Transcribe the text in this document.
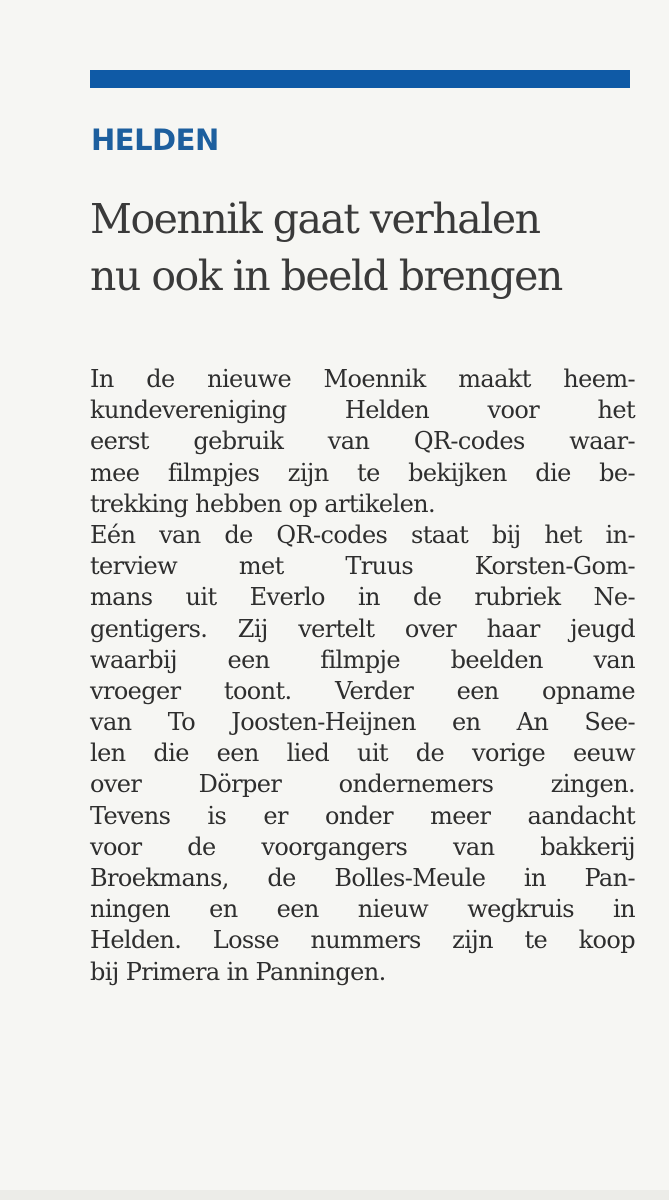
HELDEN
Moennik gaat verhalen
nu ook in beeld brengen
In de nieuwe Moennik maakt heem-
kundevereniging Helden voor het
eerst gebruik van QR-codes waar-
mee filmpjes zijn te bekijken die be-
trekking hebben op artikelen.
Eén van de QR-codes staat bij het in-
terview met Truus Korsten-Gom-
mans uit Everlo in de rubriek Ne-
gentigers. Zij vertelt over haar jeugd
waarbij een filmpje beelden van
vroeger toont. Verder een opname
van To Joosten-Heijnen en An See-
len die een lied uit de vorige eeuw
over Dörper ondernemers zingen.
Tevens is er onder meer aandacht
voor de voorgangers van bakkerij
Broekmans, de Bolles-Meule in Pan-
ningen en een nieuw wegkruis in
Helden. Losse nummers zijn te koop
bij Primera in Panningen.
